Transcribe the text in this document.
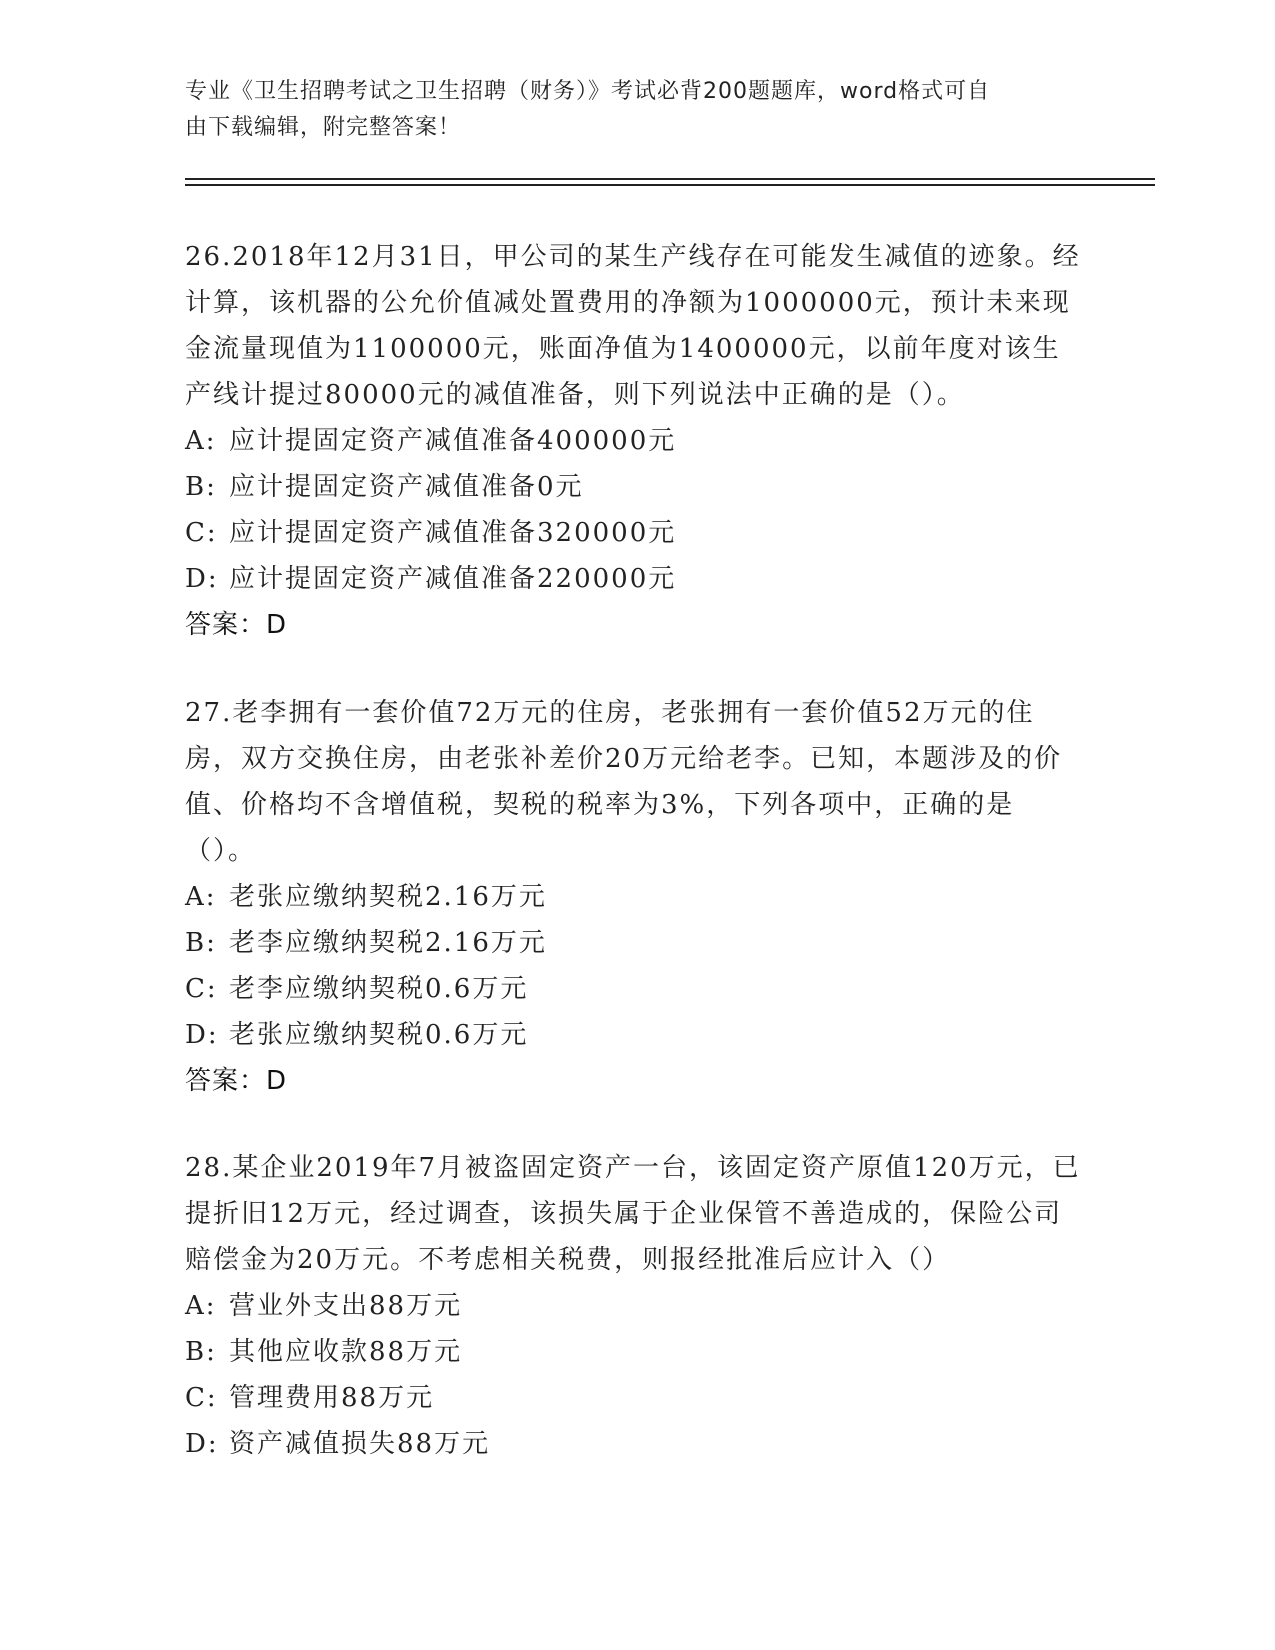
专业《卫生招聘考试之卫生招聘（财务）》考试必背200题题库，word格式可自
由下载编辑，附完整答案！

26.2018年12月31日，甲公司的某生产线存在可能发生减值的迹象。经计算，该机器的公允价值减处置费用的净额为1000000元，预计未来现金流量现值为1100000元，账面净值为1400000元，以前年度对该生产线计提过80000元的减值准备，则下列说法中正确的是（）。

A: 应计提固定资产减值准备400000元
B: 应计提固定资产减值准备0元
C: 应计提固定资产减值准备320000元
D: 应计提固定资产减值准备220000元
答案：D

27.老李拥有一套价值72万元的住房，老张拥有一套价值52万元的住房，双方交换住房，由老张补差价20万元给老李。已知，本题涉及的价值、价格均不含增值税，契税的税率为3%，下列各项中，正确的是（）。

A: 老张应缴纳契税2.16万元
B: 老李应缴纳契税2.16万元
C: 老李应缴纳契税0.6万元
D: 老张应缴纳契税0.6万元
答案：D

28.某企业2019年7月被盗固定资产一台，该固定资产原值120万元，已提折旧12万元，经过调查，该损失属于企业保管不善造成的，保险公司赔偿金为20万元。不考虑相关税费，则报经批准后应计入（）

A: 营业外支出88万元
B: 其他应收款88万元
C: 管理费用88万元
D: 资产减值损失88万元
